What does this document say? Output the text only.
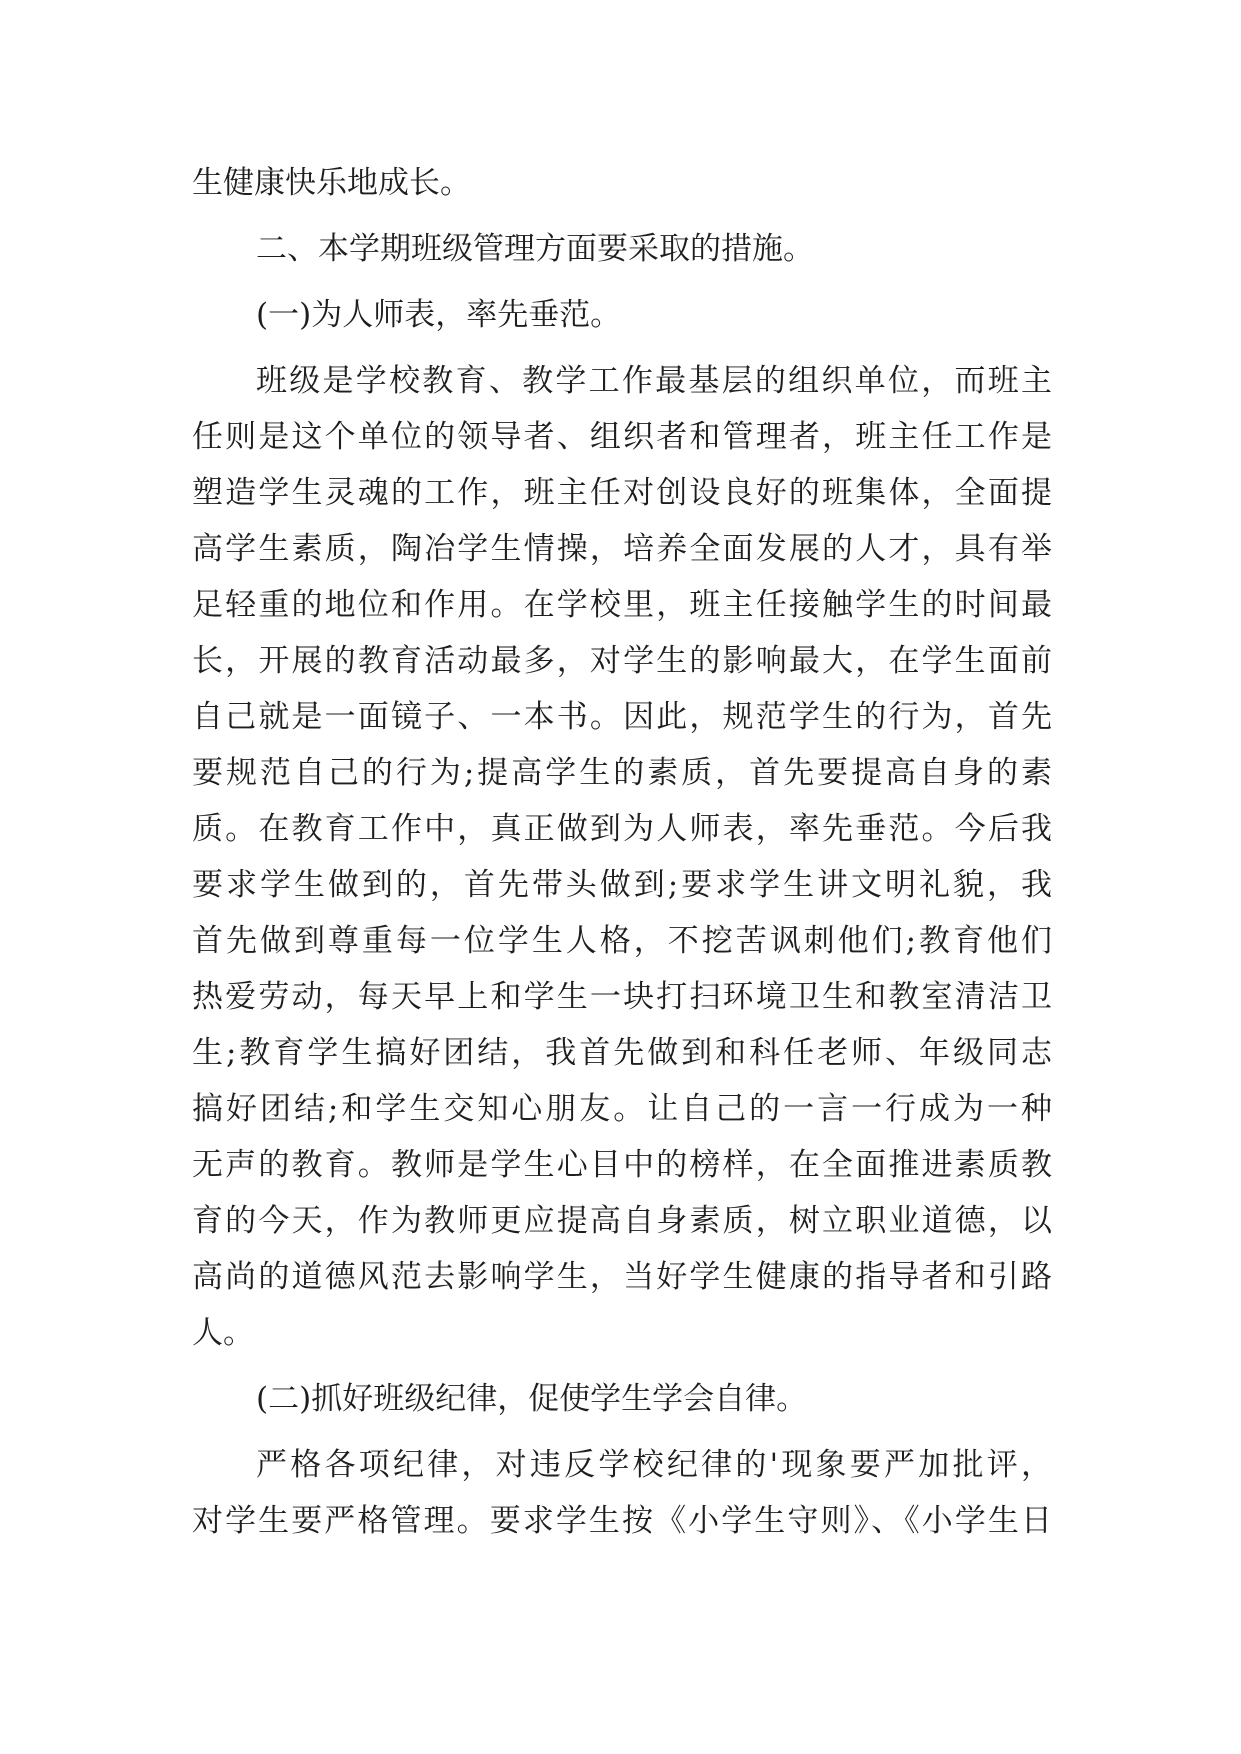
生健康快乐地成长。
二、本学期班级管理方面要采取的措施。
(一)为人师表，率先垂范。
班级是学校教育、教学工作最基层的组织单位，而班主
任则是这个单位的领导者、组织者和管理者，班主任工作是
塑造学生灵魂的工作，班主任对创设良好的班集体，全面提
高学生素质，陶冶学生情操，培养全面发展的人才，具有举
足轻重的地位和作用。在学校里，班主任接触学生的时间最
长，开展的教育活动最多，对学生的影响最大，在学生面前
自己就是一面镜子、一本书。因此，规范学生的行为，首先
要规范自己的行为;提高学生的素质，首先要提高自身的素
质。在教育工作中，真正做到为人师表，率先垂范。今后我
要求学生做到的，首先带头做到;要求学生讲文明礼貌，我
首先做到尊重每一位学生人格，不挖苦讽刺他们;教育他们
热爱劳动，每天早上和学生一块打扫环境卫生和教室清洁卫
生;教育学生搞好团结，我首先做到和科任老师、年级同志
搞好团结;和学生交知心朋友。让自己的一言一行成为一种
无声的教育。教师是学生心目中的榜样，在全面推进素质教
育的今天，作为教师更应提高自身素质，树立职业道德，以
高尚的道德风范去影响学生，当好学生健康的指导者和引路
人。
(二)抓好班级纪律，促使学生学会自律。
严格各项纪律，对违反学校纪律的'现象要严加批评，
对学生要严格管理。要求学生按《小学生守则》、《小学生日
